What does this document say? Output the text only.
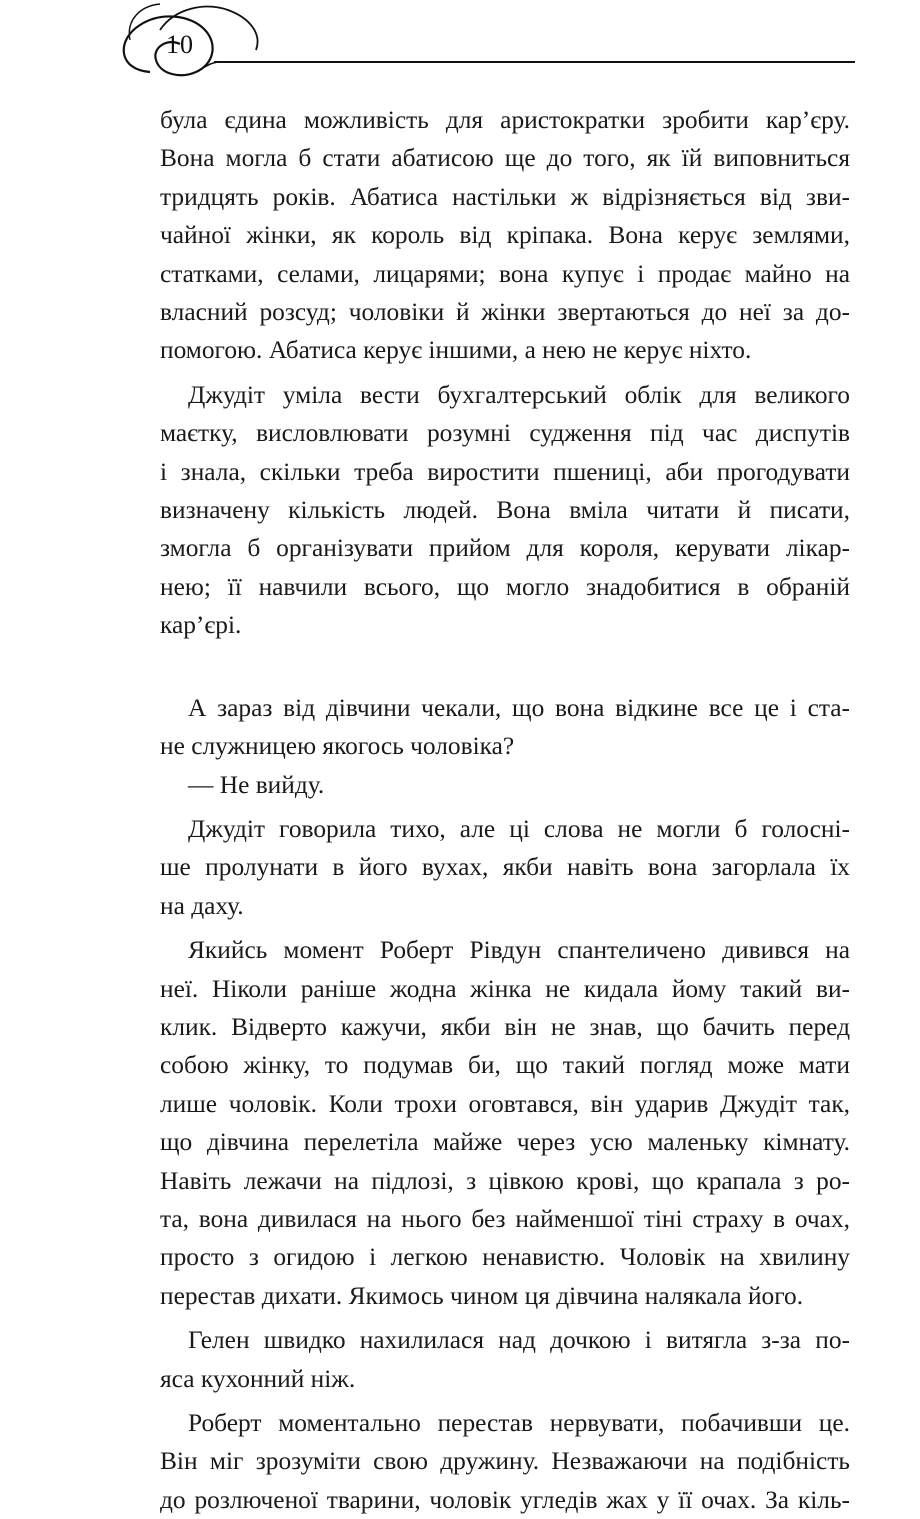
10
була єдина можливість для аристократки зробити кар’єру.
Вона могла б стати абатисою ще до того, як їй виповниться
тридцять років. Абатиса настільки ж відрізняється від зви-
чайної жінки, як король від кріпака. Вона керує землями,
статками, селами, лицарями; вона купує і продає майно на
власний розсуд; чоловіки й жінки звертаються до неї за до-
помогою. Абатиса керує іншими, а нею не керує ніхто.
Джудіт уміла вести бухгалтерський облік для великого
маєтку, висловлювати розумні судження під час диспутів
і знала, скільки треба виростити пшениці, аби прогодувати
визначену кількість людей. Вона вміла читати й писати,
змогла б організувати прийом для короля, керувати лікар-
нею; її навчили всього, що могло знадобитися в обраній
кар’єрі.
А зараз від дівчини чекали, що вона відкине все це і ста-
не служницею якогось чоловіка?
— Не вийду.
Джудіт говорила тихо, але ці слова не могли б голосні-
ше пролунати в його вухах, якби навіть вона загорлала їх
на даху.
Якийсь момент Роберт Рівдун спантеличено дивився на
неї. Ніколи раніше жодна жінка не кидала йому такий ви-
клик. Відверто кажучи, якби він не знав, що бачить перед
собою жінку, то подумав би, що такий погляд може мати
лише чоловік. Коли трохи оговтався, він ударив Джудіт так,
що дівчина перелетіла майже через усю маленьку кімнату.
Навіть лежачи на підлозі, з цівкою крові, що крапала з ро-
та, вона дивилася на нього без найменшої тіні страху в очах,
просто з огидою і легкою ненавистю. Чоловік на хвилину
перестав дихати. Якимось чином ця дівчина налякала його.
Гелен швидко нахилилася над дочкою і витягла з-за по-
яса кухонний ніж.
Роберт моментально перестав нервувати, побачивши це.
Він міг зрозуміти свою дружину. Незважаючи на подібність
до розлюченої тварини, чоловік угледів жах у її очах. За кіль-
